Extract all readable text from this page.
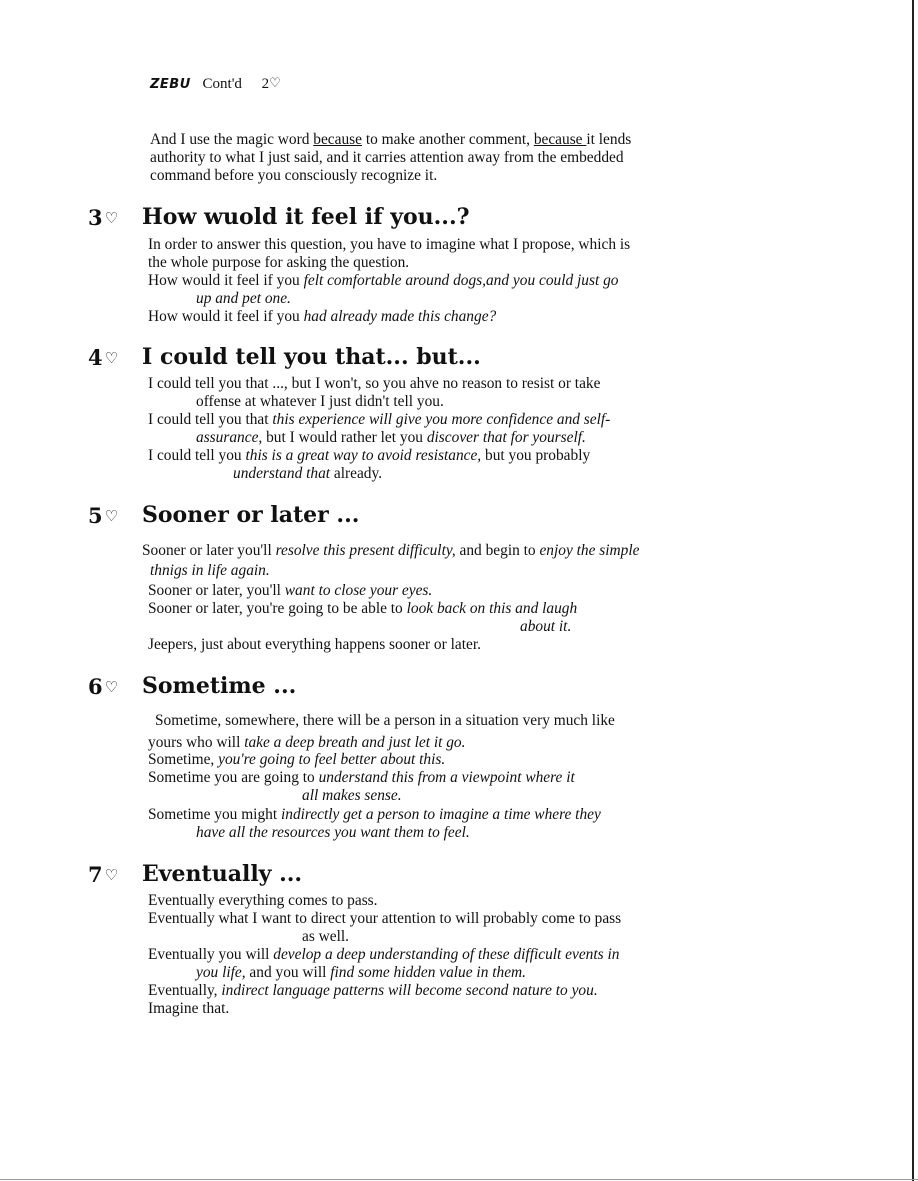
ZEBU Cont'd 2♡
And I use the magic word because to make another comment, because it lends
authority to what I just said, and it carries attention away from the embedded
command before you consciously recognize it.
3 ♡ How wuold it feel if you...?
In order to answer this question, you have to imagine what I propose, which is
the whole purpose for asking the question.
How would it feel if you felt comfortable around dogs,and you could just go
up and pet one.
How would it feel if you had already made this change?
4 ♡ I could tell you that... but...
I could tell you that ..., but I won't, so you ahve no reason to resist or take
offense at whatever I just didn't tell you.
I could tell you that this experience will give you more confidence and self-
assurance, but I would rather let you discover that for yourself.
I could tell you this is a great way to avoid resistance, but you probably
understand that already.
5 ♡ Sooner or later ...
Sooner or later you'll resolve this present difficulty, and begin to enjoy the simple
thnigs in life again.
Sooner or later, you'll want to close your eyes.
Sooner or later, you're going to be able to look back on this and laugh
about it.
Jeepers, just about everything happens sooner or later.
6 ♡ Sometime ...
Sometime, somewhere, there will be a person in a situation very much like
yours who will take a deep breath and just let it go.
Sometime, you're going to feel better about this.
Sometime you are going to understand this from a viewpoint where it
all makes sense.
Sometime you might indirectly get a person to imagine a time where they
have all the resources you want them to feel.
7 ♡ Eventually ...
Eventually everything comes to pass.
Eventually what I want to direct your attention to will probably come to pass
as well.
Eventually you will develop a deep understanding of these difficult events in
you life, and you will find some hidden value in them.
Eventually, indirect language patterns will become second nature to you.
Imagine that.
